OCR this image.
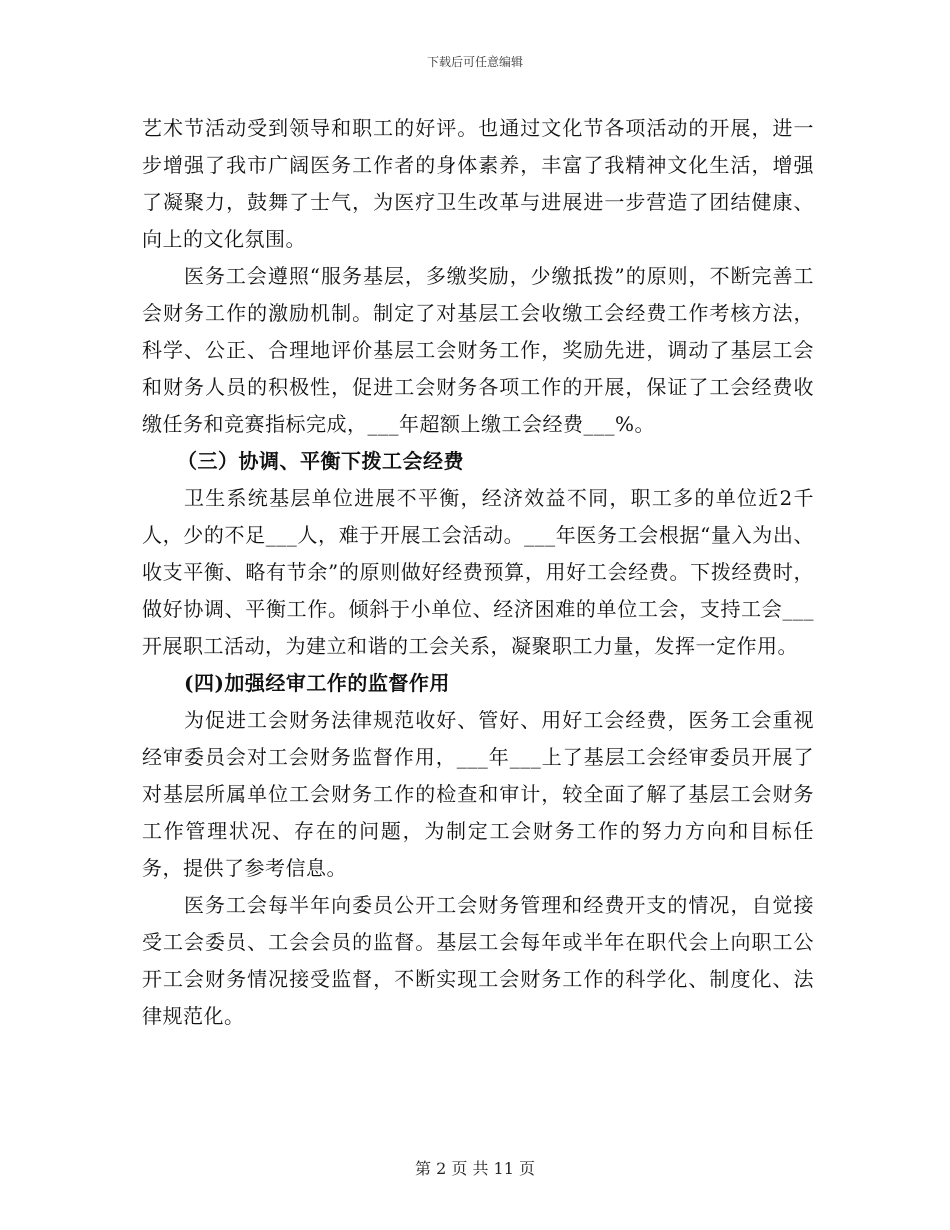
下载后可任意编辑

艺术节活动受到领导和职工的好评。也通过文化节各项活动的开展，进一步增强了我市广阔医务工作者的身体素养，丰富了我精神文化生活，增强了凝聚力，鼓舞了士气，为医疗卫生改革与进展进一步营造了团结健康、向上的文化氛围。

医务工会遵照“服务基层，多缴奖励，少缴抵拨”的原则，不断完善工会财务工作的激励机制。制定了对基层工会收缴工会经费工作考核方法，科学、公正、合理地评价基层工会财务工作，奖励先进，调动了基层工会和财务人员的积极性，促进工会财务各项工作的开展，保证了工会经费收缴任务和竞赛指标完成，___年超额上缴工会经费___%。

（三）协调、平衡下拨工会经费

卫生系统基层单位进展不平衡，经济效益不同，职工多的单位近2千人，少的不足___人，难于开展工会活动。___年医务工会根据“量入为出、收支平衡、略有节余”的原则做好经费预算，用好工会经费。下拨经费时，做好协调、平衡工作。倾斜于小单位、经济困难的单位工会，支持工会___开展职工活动，为建立和谐的工会关系，凝聚职工力量，发挥一定作用。

(四)加强经审工作的监督作用

为促进工会财务法律规范收好、管好、用好工会经费，医务工会重视经审委员会对工会财务监督作用，___年___上了基层工会经审委员开展了对基层所属单位工会财务工作的检查和审计，较全面了解了基层工会财务工作管理状况、存在的问题，为制定工会财务工作的努力方向和目标任务，提供了参考信息。

医务工会每半年向委员公开工会财务管理和经费开支的情况，自觉接受工会委员、工会会员的监督。基层工会每年或半年在职代会上向职工公开工会财务情况接受监督，不断实现工会财务工作的科学化、制度化、法律规范化。

第 2 页 共 11 页
